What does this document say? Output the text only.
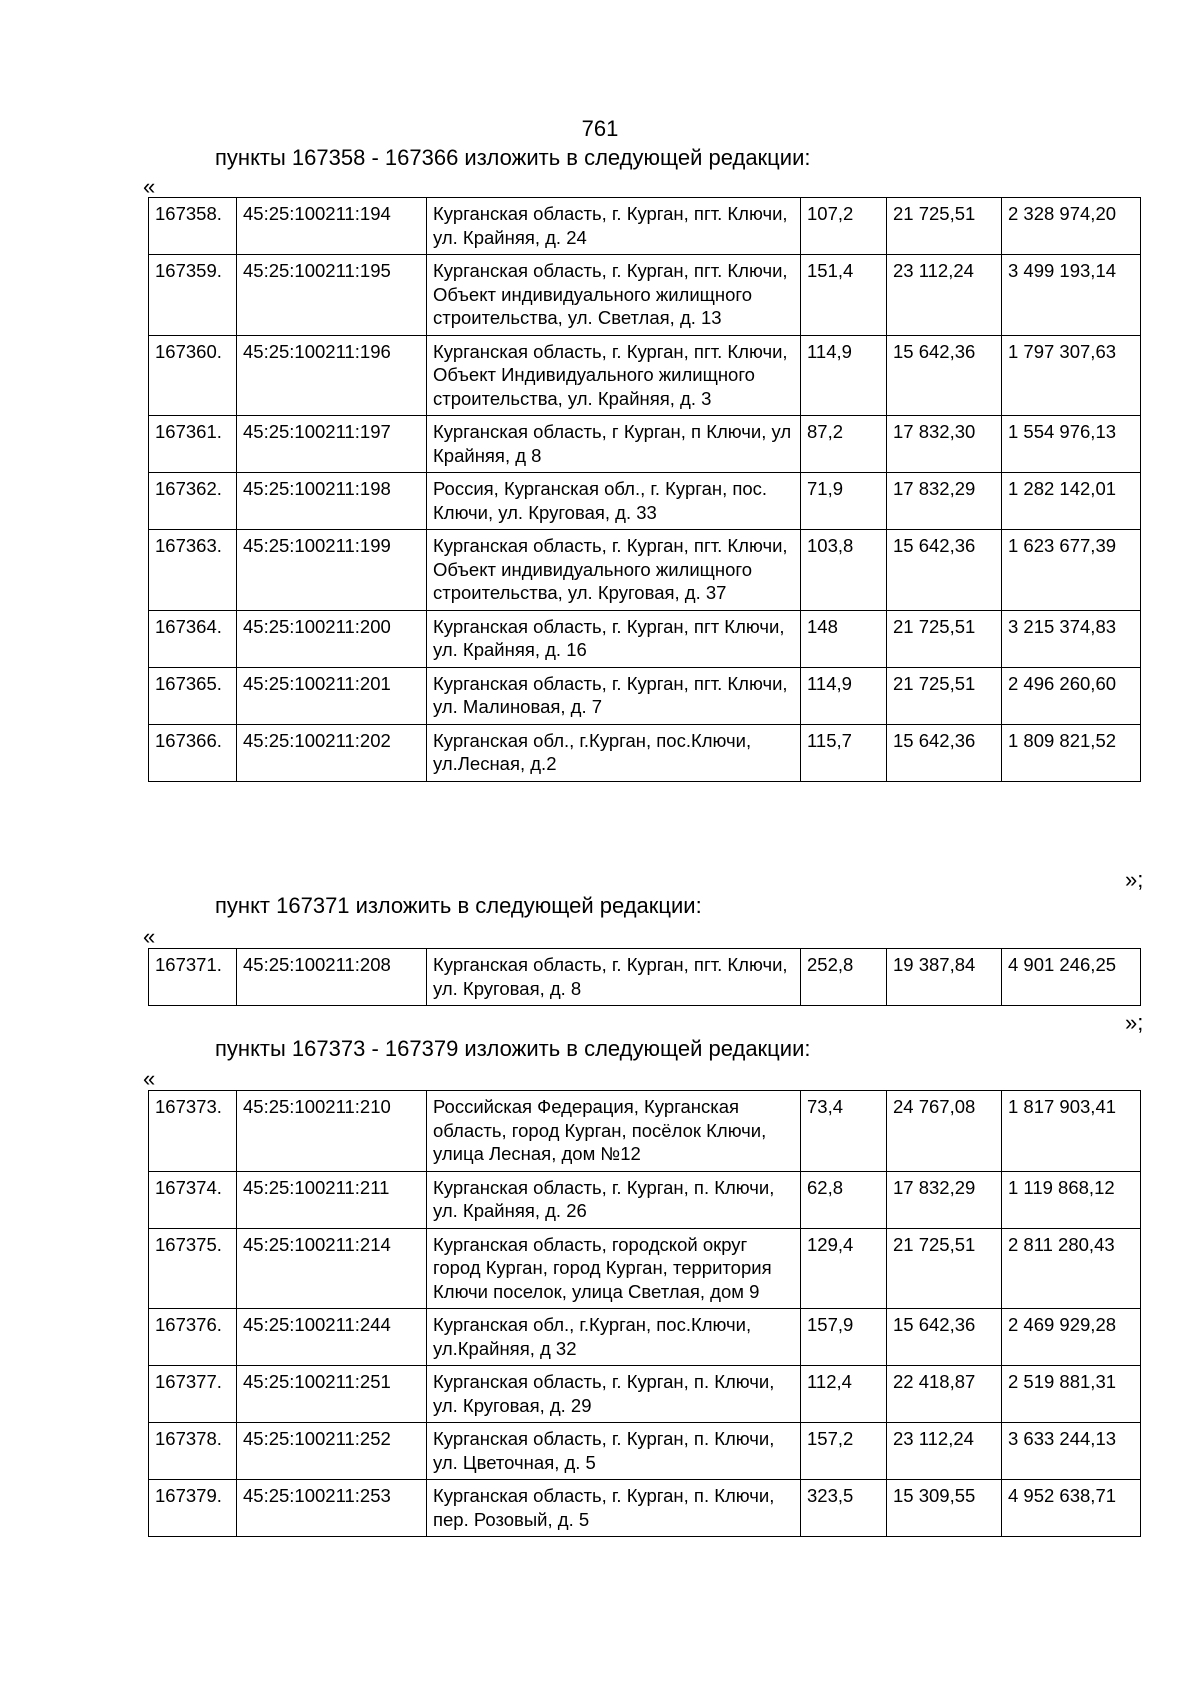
761
пункты 167358 - 167366 изложить в следующей редакции:
«
167358.	45:25:100211:194	Курганская область, г. Курган, пгт. Ключи, ул. Крайняя, д. 24	107,2	21 725,51	2 328 974,20
167359.	45:25:100211:195	Курганская область, г. Курган, пгт. Ключи, Объект индивидуального жилищного строительства, ул. Светлая, д. 13	151,4	23 112,24	3 499 193,14
167360.	45:25:100211:196	Курганская область, г. Курган, пгт. Ключи, Объект Индивидуального жилищного строительства, ул. Крайняя, д. 3	114,9	15 642,36	1 797 307,63
167361.	45:25:100211:197	Курганская область, г Курган, п Ключи, ул Крайняя, д 8	87,2	17 832,30	1 554 976,13
167362.	45:25:100211:198	Россия, Курганская обл., г. Курган, пос. Ключи, ул. Круговая, д. 33	71,9	17 832,29	1 282 142,01
167363.	45:25:100211:199	Курганская область, г. Курган, пгт. Ключи, Объект индивидуального жилищного строительства, ул. Круговая, д. 37	103,8	15 642,36	1 623 677,39
167364.	45:25:100211:200	Курганская область, г. Курган, пгт Ключи, ул. Крайняя, д. 16	148	21 725,51	3 215 374,83
167365.	45:25:100211:201	Курганская область, г. Курган, пгт. Ключи, ул. Малиновая, д. 7	114,9	21 725,51	2 496 260,60
167366.	45:25:100211:202	Курганская обл., г.Курган, пос.Ключи, ул.Лесная, д.2	115,7	15 642,36	1 809 821,52
»;
пункт 167371 изложить в следующей редакции:
«
167371.	45:25:100211:208	Курганская область, г. Курган, пгт. Ключи, ул. Круговая, д. 8	252,8	19 387,84	4 901 246,25
»;
пункты 167373 - 167379 изложить в следующей редакции:
«
167373.	45:25:100211:210	Российская Федерация, Курганская область, город Курган, посёлок Ключи, улица Лесная, дом №12	73,4	24 767,08	1 817 903,41
167374.	45:25:100211:211	Курганская область, г. Курган, п. Ключи, ул. Крайняя, д. 26	62,8	17 832,29	1 119 868,12
167375.	45:25:100211:214	Курганская область, городской округ город Курган, город Курган, территория Ключи поселок, улица Светлая, дом 9	129,4	21 725,51	2 811 280,43
167376.	45:25:100211:244	Курганская обл., г.Курган, пос.Ключи, ул.Крайняя, д 32	157,9	15 642,36	2 469 929,28
167377.	45:25:100211:251	Курганская область, г. Курган, п. Ключи, ул. Круговая, д. 29	112,4	22 418,87	2 519 881,31
167378.	45:25:100211:252	Курганская область, г. Курган, п. Ключи, ул. Цветочная, д. 5	157,2	23 112,24	3 633 244,13
167379.	45:25:100211:253	Курганская область, г. Курган, п. Ключи, пер. Розовый, д. 5	323,5	15 309,55	4 952 638,71
